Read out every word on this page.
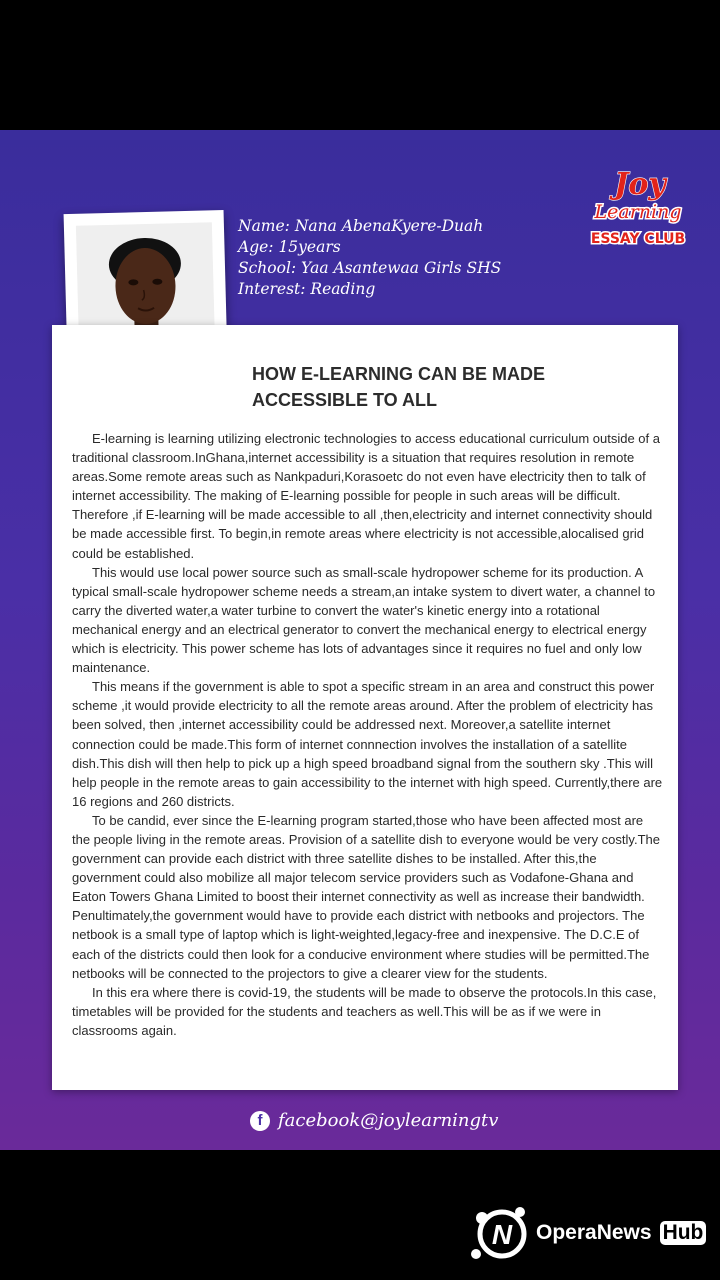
Name: Nana AbenaKyere-Duah
Age: 15years
School: Yaa Asantewaa Girls SHS
Interest: Reading
Joy
Learning
ESSAY CLUB
HOW E-LEARNING CAN BE MADE ACCESSIBLE TO ALL

E-learning is learning utilizing electronic technologies to access educational curriculum outside of a traditional classroom.InGhana,internet accessibility is a situation that requires resolution in remote areas.Some remote areas such as Nankpaduri,Korasoetc do not even have electricity then to talk of internet accessibility. The making of E-learning possible for people in such areas will be difficult. Therefore ,if E-learning will be made accessible to all ,then,electricity and internet connectivity should be made accessible first. To begin,in remote areas where electricity is not accessible,alocalised grid could be established.

This would use local power source such as small-scale hydropower scheme for its production. A typical small-scale hydropower scheme needs a stream,an intake system to divert water, a channel to carry the diverted water,a water turbine to convert the water's kinetic energy into a rotational mechanical energy and an electrical generator to convert the mechanical energy to electrical energy which is electricity. This power scheme has lots of advantages since it requires no fuel and only low maintenance.

This means if the government is able to spot a specific stream in an area and construct this power scheme ,it would provide electricity to all the remote areas around. After the problem of electricity has been solved, then ,internet accessibility could be addressed next. Moreover,a satellite internet connection could be made.This form of internet connnection involves the installation of a satellite dish.This dish will then help to pick up a high speed broadband signal from the southern sky .This will help people in the remote areas to gain accessibility to the internet with high speed. Currently,there are 16 regions and 260 districts.

To be candid, ever since the E-learning program started,those who have been affected most are the people living in the remote areas. Provision of a satellite dish to everyone would be very costly.The government can provide each district with three satellite dishes to be installed. After this,the government could also mobilize all major telecom service providers such as Vodafone-Ghana and Eaton Towers Ghana Limited to boost their internet connectivity as well as increase their bandwidth. Penultimately,the government would have to provide each district with netbooks and projectors. The netbook is a small type of laptop which is light-weighted,legacy-free and inexpensive. The D.C.E of each of the districts could then look for a conducive environment where studies will be permitted.The netbooks will be connected to the projectors to give a clearer view for the students.

In this era where there is covid-19, the students will be made to observe the protocols.In this case, timetables will be provided for the students and teachers as well.This will be as if we were in classrooms again.

f facebook@joylearningtv
N OperaNews Hub
